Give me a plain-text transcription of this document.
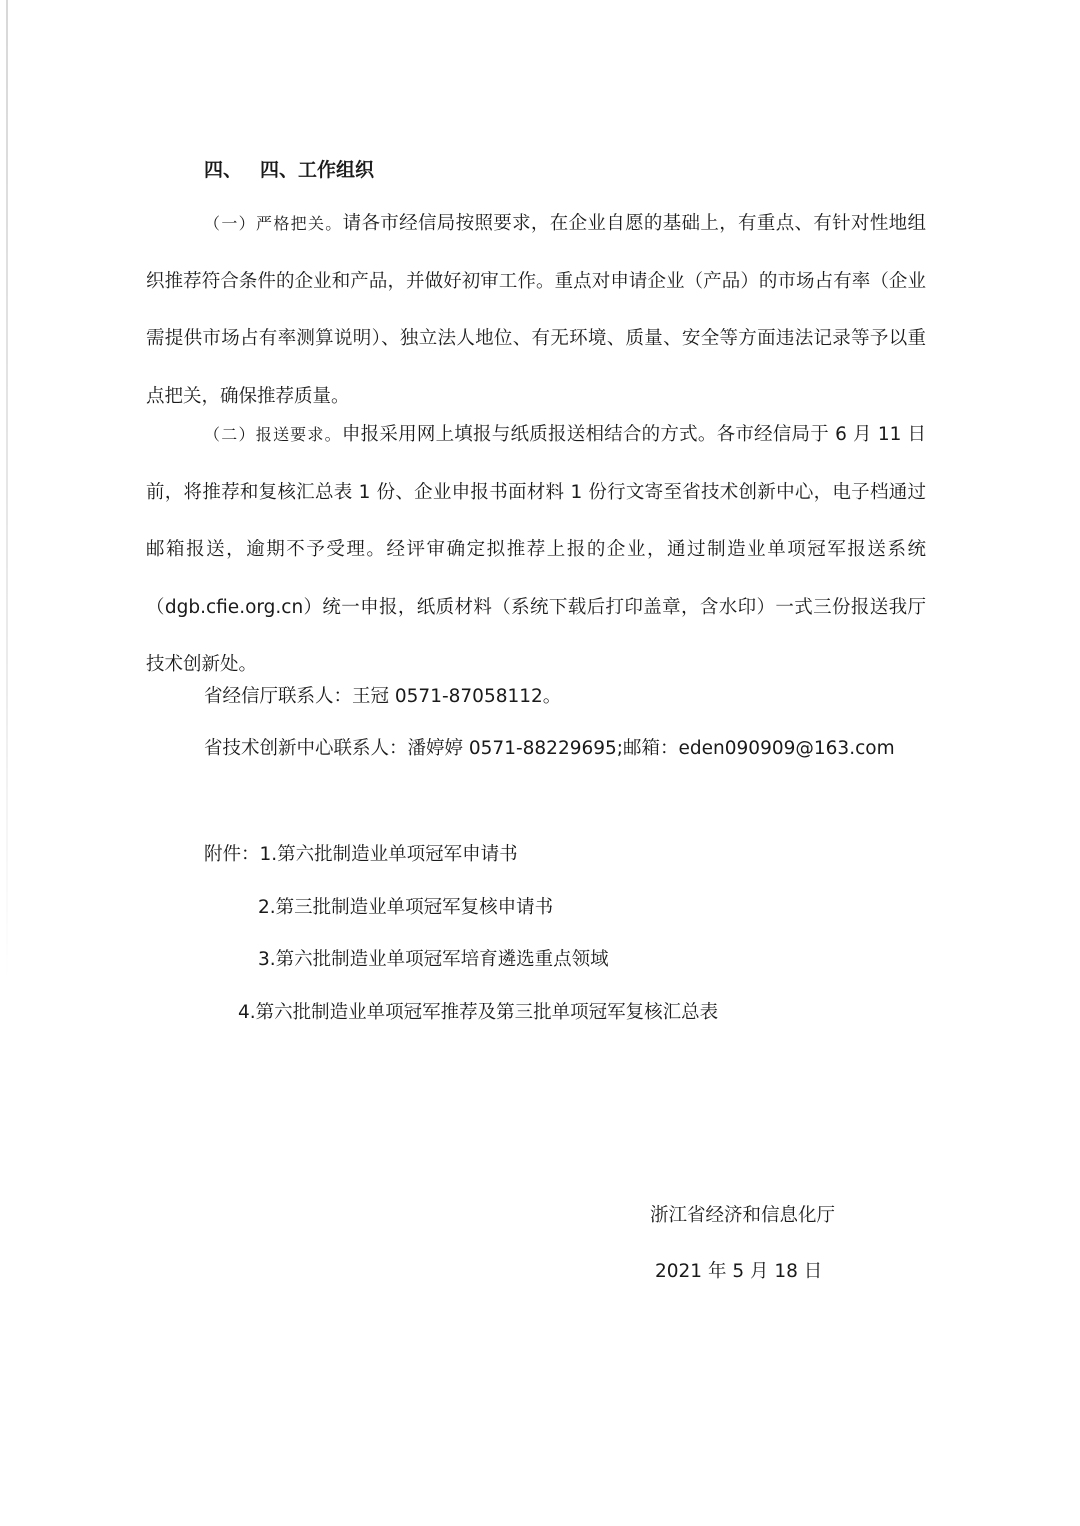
四、 四、工作组织

（一）严格把关。请各市经信局按照要求，在企业自愿的基础上，有重点、有针对性地组织推荐符合条件的企业和产品，并做好初审工作。重点对申请企业（产品）的市场占有率（企业需提供市场占有率测算说明）、独立法人地位、有无环境、质量、安全等方面违法记录等予以重点把关，确保推荐质量。

（二）报送要求。申报采用网上填报与纸质报送相结合的方式。各市经信局于 6 月 11 日前，将推荐和复核汇总表 1 份、企业申报书面材料 1 份行文寄至省技术创新中心，电子档通过邮箱报送，逾期不予受理。经评审确定拟推荐上报的企业，通过制造业单项冠军报送系统（dgb.cfie.org.cn）统一申报，纸质材料（系统下载后打印盖章，含水印）一式三份报送我厅技术创新处。

省经信厅联系人：王冠 0571-87058112。

省技术创新中心联系人：潘婷婷 0571-88229695;邮箱：eden090909@163.com

附件：1.第六批制造业单项冠军申请书

2.第三批制造业单项冠军复核申请书

3.第六批制造业单项冠军培育遴选重点领域

4.第六批制造业单项冠军推荐及第三批单项冠军复核汇总表

浙江省经济和信息化厅
2021 年 5 月 18 日
